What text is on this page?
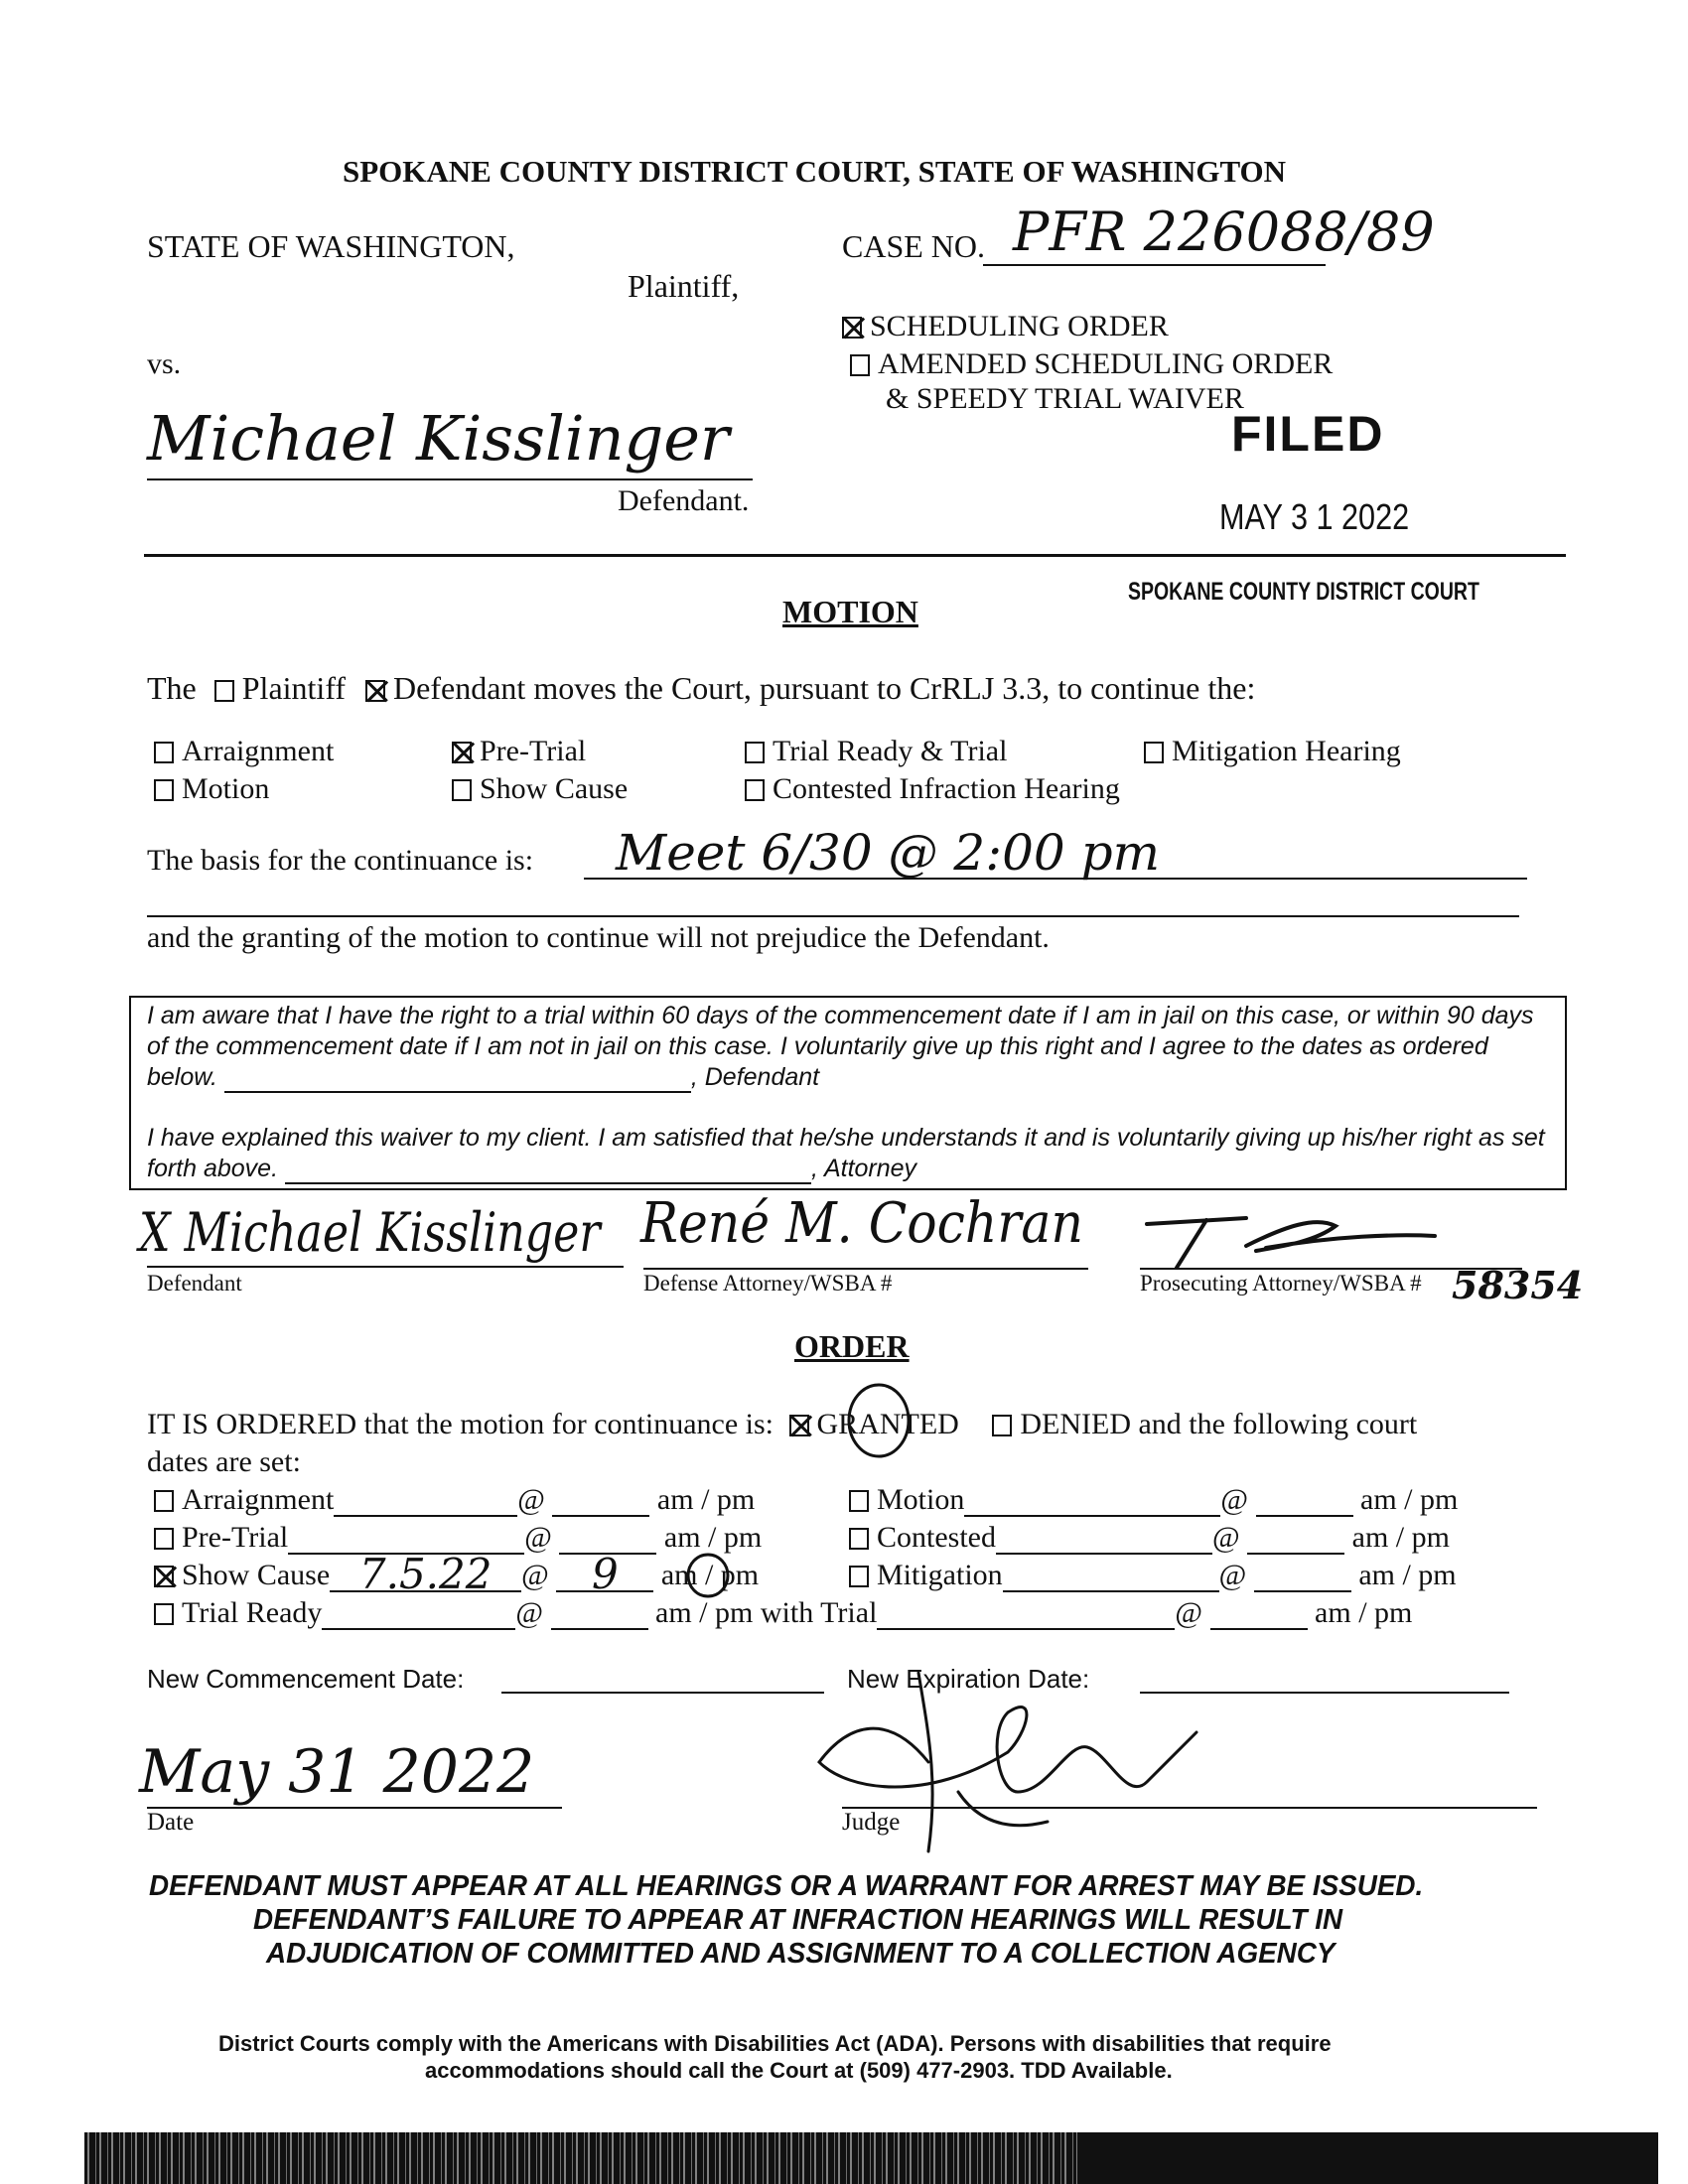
SPOKANE COUNTY DISTRICT COURT, STATE OF WASHINGTON
STATE OF WASHINGTON,
Plaintiff,
vs.
Michael Kisslinger
Defendant.
CASE NO. PFR 226088/89
SCHEDULING ORDER
AMENDED SCHEDULING ORDER
& SPEEDY TRIAL WAIVER
FILED
MAY 3 1 2022
SPOKANE COUNTY DISTRICT COURT
MOTION
The Plaintiff Defendant moves the Court, pursuant to CrRLJ 3.3, to continue the:
Arraignment	Pre-Trial	Trial Ready & Trial	Mitigation Hearing
Motion	Show Cause	Contested Infraction Hearing
The basis for the continuance is: Meet 6/30 @ 2:00 pm
and the granting of the motion to continue will not prejudice the Defendant.
I am aware that I have the right to a trial within 60 days of the commencement date if I am in jail on this case, or within 90 days of the commencement date if I am not in jail on this case. I voluntarily give up this right and I agree to the dates as ordered below.	, Defendant
I have explained this waiver to my client. I am satisfied that he/she understands it and is voluntarily giving up his/her right as set forth above.	, Attorney
X Michael Kisslinger
Defendant
René M. Cochran
Defense Attorney/WSBA #	Prosecuting Attorney/WSBA # 58354
ORDER
IT IS ORDERED that the motion for continuance is: GRANTED DENIED and the following court
dates are set:
Arraignment	@	am / pm
Pre-Trial	@	am / pm
Show Cause 7.5.22 @ 9 am / pm
Trial Ready	@	am / pm with Trial	@	am / pm
Motion	@	am / pm
Contested	@	am / pm
Mitigation	@	am / pm
New Commencement Date:	New Expiration Date:
May 31 2022
Date	Judge
DEFENDANT MUST APPEAR AT ALL HEARINGS OR A WARRANT FOR ARREST MAY BE ISSUED.
DEFENDANT’S FAILURE TO APPEAR AT INFRACTION HEARINGS WILL RESULT IN
ADJUDICATION OF COMMITTED AND ASSIGNMENT TO A COLLECTION AGENCY
District Courts comply with the Americans with Disabilities Act (ADA). Persons with disabilities that require
accommodations should call the Court at (509) 477-2903. TDD Available.
